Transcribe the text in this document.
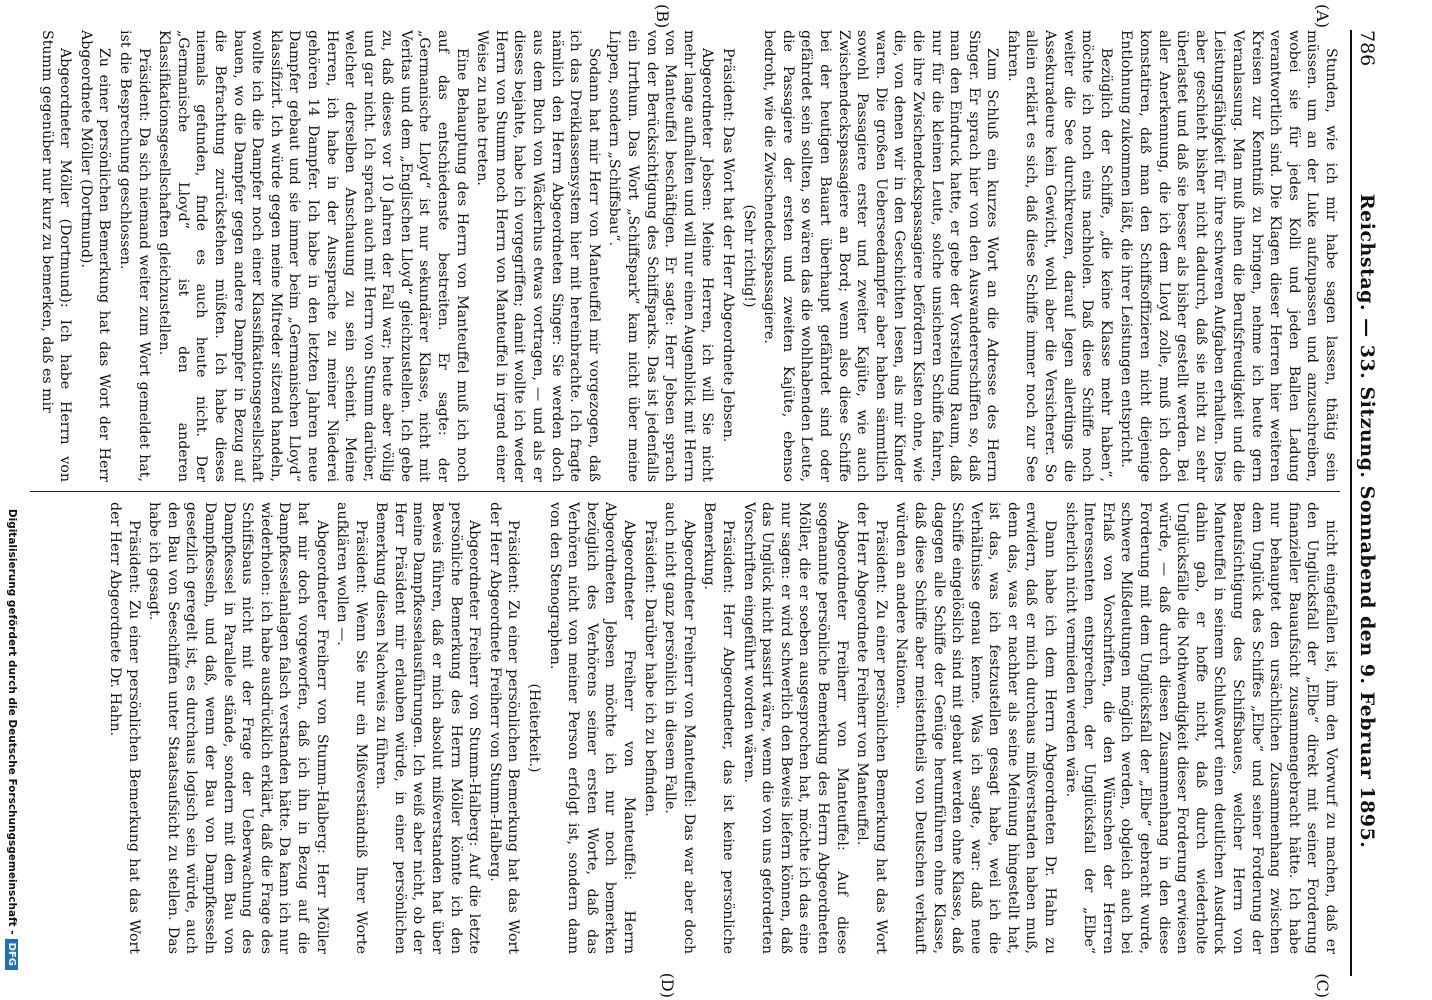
786
Reichstag. — 33. Sitzung. Sonnabend den 9. Februar 1895.
(A)
(B)
(C)
(D)

Stunden, wie ich mir habe sagen lassen, thätig sein müssen. um an der Luke aufzupassen und anzuschreiben, wobei sie für jedes Kolli und jeden Ballen Ladung verantwortlich sind. Die Klagen dieser Herren hier weiteren Kreisen zur Kenntniß zu bringen, nehme ich heute gern Veranlassung. Man muß ihnen die Berufsfreudigkeit und die Leistungsfähigkeit für ihre schweren Aufgaben erhalten. Dies aber geschieht bisher nicht dadurch, daß sie nicht zu sehr überlastet und daß sie besser als bisher gestellt werden. Bei aller Anerkennung, die ich dem Lloyd zolle, muß ich doch konstatiren, daß man den Schiffsoffizieren nicht diejenige Entlohnung zukommen läßt, die ihrer Leistungen entspricht.

Bezüglich der Schiffe, „die keine Klasse mehr haben“, möchte ich noch eins nachholen. Daß diese Schiffe noch weiter die See durchkreuzen, darauf legen allerdings die Assekuradeure kein Gewicht, wohl aber die Versicherer. So allein erklärt es sich, daß diese Schiffe immer noch zur See fahren.

Zum Schluß ein kurzes Wort an die Adresse des Herrn Singer. Er sprach hier von den Auswandererschiffen so, daß man den Eindruck hatte, er gebe der Vorstellung Raum, daß nur für die kleinen Leute, solche unsicheren Schiffe fahren, die ihre Zwischendeckspassagiere befördern Kisten ohne, wie die, von denen wir in den Geschichten lesen, als mir Kinder waren. Die großen Ueberseedampfer aber haben sämmtlich sowohl Passagiere erster und zweiter Kajüte, wie auch Zwischendeckspassagiere an Bord; wenn also diese Schiffe bei der heutigen Bauart überhaupt gefährdet sind oder gefährdet sein sollten, so wären das die wohlhabenden Leute, die Passagiere der ersten und zweiten Kajüte, ebenso bedroht, wie die Zwischendeckspassagiere.

(Sehr richtig!)

Präsident: Das Wort hat der Herr Abgeordnete Jebsen.

Abgeordneter Jebsen: Meine Herren, ich will Sie nicht mehr lange aufhalten und will nur einen Augenblick mit Herrn von Manteuffel beschäftigen. Er sagte: Herr Jebsen sprach von der Berücksichtigung des Schiffsparks. Das ist jedenfalls ein Irrthum. Das Wort „Schiffspark“ kam nicht über meine Lippen, sondern „Schiffsbau“.

Sodann hat mir Herr von Manteuffel mir vorgezogen, daß ich das Dreiklassensystem hier mit hereinbrachte. Ich fragte nämlich den Herrn Abgeordneten Singer: Sie werden doch aus dem Buch von Wäckerhus etwas vortragen, — und als er dieses bejahte, habe ich vorgegriffen; damit wollte ich weder Herrn von Stumm noch Herrn von Manteuffel in irgend einer Weise zu nahe treten.

Eine Behauptung des Herrn von Manteuffel muß ich noch auf das entschiedenste bestreiten. Er sagte: der „Germanische Lloyd“ ist nur sekundärer Klasse, nicht mit Veritas und dem „Englischen Lloyd“ gleichzustellen. Ich gebe zu, daß dieses vor 10 Jahren der Fall war; heute aber völlig und gar nicht. Ich sprach auch mit Herrn von Stumm darüber, welcher derselben Anschauung zu sein scheint. Meine Herren, ich habe in der Aussprache zu meiner Niederei gehören 14 Dampfer. Ich habe in den letzten Jahren neue Dampfer gebaut und sie immer beim „Germanischen Lloyd“ klassifizirt. Ich würde gegen meine Mitreder sitzend handeln, wollte ich die Dampfer noch einer Klassifikationsgesellschaft bauen, wo die Dampfer gegen andere Dampfer in Bezug auf die Befrachtung zurückstehen müßten. Ich habe dieses niemals gefunden, finde es auch heute nicht. Der „Germanische Lloyd“ ist den anderen Klassifikationsgesellschaften gleichzustellen.

Präsident: Da sich niemand weiter zum Wort gemeldet hat, ist die Besprechung geschlossen.

Zu einer persönlichen Bemerkung hat das Wort der Herr Abgeordnete Möller (Dortmund).

Abgeordneter Möller (Dortmund): Ich habe Herrn von Stumm gegenüber nur kurz zu bemerken, daß es mir

nicht eingefallen ist, ihm den Vorwurf zu machen, daß er den Unglücksfall der „Elbe“ direkt mit seiner Forderung finanzieller Bauaufsicht zusammengebracht hätte. Ich habe nur behauptet den ursächlichen Zusammenhang zwischen dem Unglück des Schiffes „Elbe“ und seiner Forderung der Beaufsichtigung des Schiffsbaues, welcher Herrn von Manteuffel in seinem Schlußwort einen deutlichen Ausdruck dahin gab, er hoffe nicht, daß durch wiederholte Unglücksfälle die Nothwendigkeit dieser Forderung erwiesen würde, — daß durch diesen Zusammenhang in den diese Forderung mit dem Unglücksfall der „Elbe“ gebracht wurde, schwere Mißdeutungen möglich werden, obgleich auch bei Erlaß von Vorschriften, die den Wünschen der Herren Interessenten entsprechen, der Unglücksfall der „Elbe“ sicherlich nicht vermieden werden wäre.

Dann habe ich dem Herrn Abgeordneten Dr. Hahn zu erwidern, daß er mich durchaus mißverstanden haben muß, denn das, was er nachher als seine Meinung hingestellt hat, ist das, was ich festzustellen gesagt habe, weil ich die Verhältnisse genau kenne. Was ich sagte, war: daß neue Schiffe eingelöslich sind mit gebaut werden ohne Klasse, daß dagegen alle Schiffe der Genüge herumführen ohne Klasse, daß diese Schiffe aber meistentheils von Deutschen verkauft würden an andere Nationen.

Präsident: Zu einer persönlichen Bemerkung hat das Wort der Herr Abgeordnete Freiherr von Manteuffel.

Abgeordneter Freiherr von Manteuffel: Auf diese sogenannte persönliche Bemerkung des Herrn Abgeordneten Möller, die er soeben ausgesprochen hat, möchte ich das eine nur sagen: er wird schwerlich den Beweis liefern können, daß das Unglück nicht passirt wäre, wenn die von uns geforderten Vorschriften eingeführt worden wären.

Präsident: Herr Abgeordneter, das ist keine persönliche Bemerkung.

Abgeordneter Freiherr von Manteuffel: Das war aber doch auch nicht ganz persönlich in diesem Falle.

Präsident: Darüber habe ich zu befinden.

Abgeordneter Freiherr von Manteuffel: Herrn Abgeordneten Jebsen möchte ich nur noch bemerken bezüglich des Verhörens seiner ersten Worte, daß das Verhören nicht von meiner Person erfolgt ist, sondern dann von den Stenographen.

(Heiterkeit.)

Präsident: Zu einer persönlichen Bemerkung hat das Wort der Herr Abgeordnete Freiherr von Stumm-Halberg.

Abgeordneter Freiherr von Stumm-Halberg: Auf die letzte persönliche Bemerkung des Herrn Möller könnte ich den Beweis führen, daß er mich absolut mißverstanden hat über meine Dampfkesselausführungen. Ich weiß aber nicht, ob der Herr Präsident mir erlauben würde, in einer persönlichen Bemerkung diesen Nachweis zu führen.

Präsident: Wenn Sie nur ein Mißverständniß Ihrer Worte aufklären wollen —.

Abgeordneter Freiherr von Stumm-Halberg: Herr Möller hat mir doch vorgeworfen, daß ich ihn in Bezug auf die Dampfkesselanlagen falsch verstanden hätte. Da kann ich nur wiederholen: ich habe ausdrücklich erklärt, daß die Frage des Schiffsbaus nicht mit der Frage der Ueberwachung des Dampfkessel in Parallele stände, sondern mit dem Bau von Dampfkesseln, und daß, wenn der Bau von Dampfkesseln gesetzlich geregelt ist, es durchaus logisch sein würde, auch den Bau von Seeschiffen unter Staatsaufsicht zu stellen. Das habe ich gesagt.

Präsident: Zu einer persönlichen Bemerkung hat das Wort der Herr Abgeordnete Dr. Hahn.

Digitalisierung gefördert durch die Deutsche Forschungsgemeinschaft -
DFG
